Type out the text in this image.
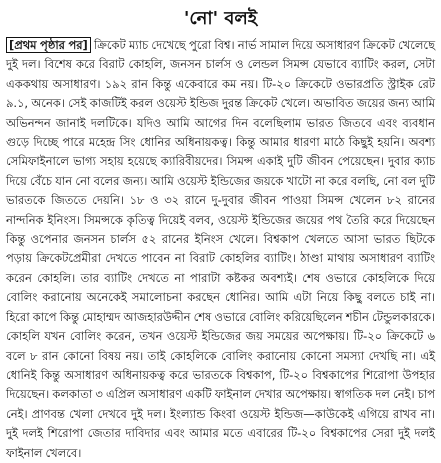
'নো' বলই

[প্রথম পৃষ্ঠার পর] ক্রিকেট ম্যাচ দেখেছে পুরো বিশ্ব। নার্ভ সামাল দিয়ে অসাধারণ ক্রিকেট খেলেছে দুই দল। বিশেষ করে বিরাট কোহলি, জনসন চার্লস ও লেন্ডল সিমন্স যেভাবে ব্যাটিং করল, সেটা এককথায় অসাধারণ। ১৯২ রান কিন্তু একেবারে কম নয়। টি-২০ ক্রিকেটে ওভারপ্রতি স্ট্রাইক রেট ৯.১, অনেক। সেই কাজটিই করল ওয়েস্ট ইন্ডিজ দুরন্ত ক্রিকেট খেলে। অভাবিত জয়ের জন্য আমি অভিনন্দন জানাই দলটিকে। যদিও আমি আগের দিন বলেছিলাম ভারত জিতবে এবং ব্যবধান গুড়ে দিচ্ছে পারে মহেন্দ্র সিং ধোনির অধিনায়কত্ব। কিন্তু আমার ধারণা মাঠে কিছুই হয়নি। অবশ্য সেমিফাইনালে ভাগ্য সহায় হয়েছে ক্যারিবীয়দের। সিমন্স একাই দুটি জীবন পেয়েছেন। দুবার ক্যাচ দিয়ে বেঁচে যান নো বলের জন্য। আমি ওয়েস্ট ইন্ডিজের জয়কে খাটো না করে বলছি, নো বল দুটি ভারতকে জিততে দেয়নি। ১৮ ও ৩২ রানে দু-দুবার জীবন পাওয়া সিমন্স খেলেন ৮২ রানের নান্দনিক ইনিংস। সিমন্সকে কৃতিত্ব দিয়েই বলব, ওয়েস্ট ইন্ডিজের জয়ের পথ তৈরি করে দিয়েছেন কিন্তু ওপেনার জনসন চার্লস ৫২ রানের ইনিংস খেলে। বিশ্বকাপ খেলতে আসা ভারত ছিটকে পড়ায় ক্রিকেটপ্রেমীরা দেখতে পাবেন না বিরাট কোহলির ব্যাটিং। ঠাণ্ডা মাথায় অসাধারণ ব্যাটিং করেন কোহলি। তার ব্যাটিং দেখতে না পারাটা কষ্টকর অবশ্যই। শেষ ওভারে কোহলিকে দিয়ে বোলিং করানোয় অনেকেই সমালোচনা করছেন ধোনির। আমি এটা নিয়ে কিছু বলতে চাই না। হিরো কাপে কিন্তু মোহাম্মদ আজহারউদ্দীন শেষ ওভারে বোলিং করিয়েছিলেন শচীন টেন্ডুলকারকে। কোহলি যখন বোলিং করেন, তখন ওয়েস্ট ইন্ডিজের জয় সময়ের অপেক্ষায়। টি-২০ ক্রিকেটে ৬ বলে ৮ রান কোনো বিষয় নয়। তাই কোহলিকে বোলিং করানোয় কোনো সমস্যা দেখছি না। এই ধোনিই কিন্তু অসাধারণ অধিনায়কত্ব করে ভারতকে বিশ্বকাপ, টি-২০ বিশ্বকাপের শিরোপা উপহার দিয়েছেন। কলকাতা ৩ এপ্রিল অসাধারণ একটি ফাইনাল দেখার অপেক্ষায়। স্বাগতিক দল নেই। চাপ নেই। প্রাণবন্ত খেলা দেখবে দুই দল। ইংল্যান্ড কিংবা ওয়েস্ট ইন্ডিজ—কাউকেই এগিয়ে রাখব না। দুই দলই শিরোপা জেতার দাবিদার এবং আমার মতে এবারের টি-২০ বিশ্বকাপের সেরা দুই দলই ফাইনাল খেলবে।
